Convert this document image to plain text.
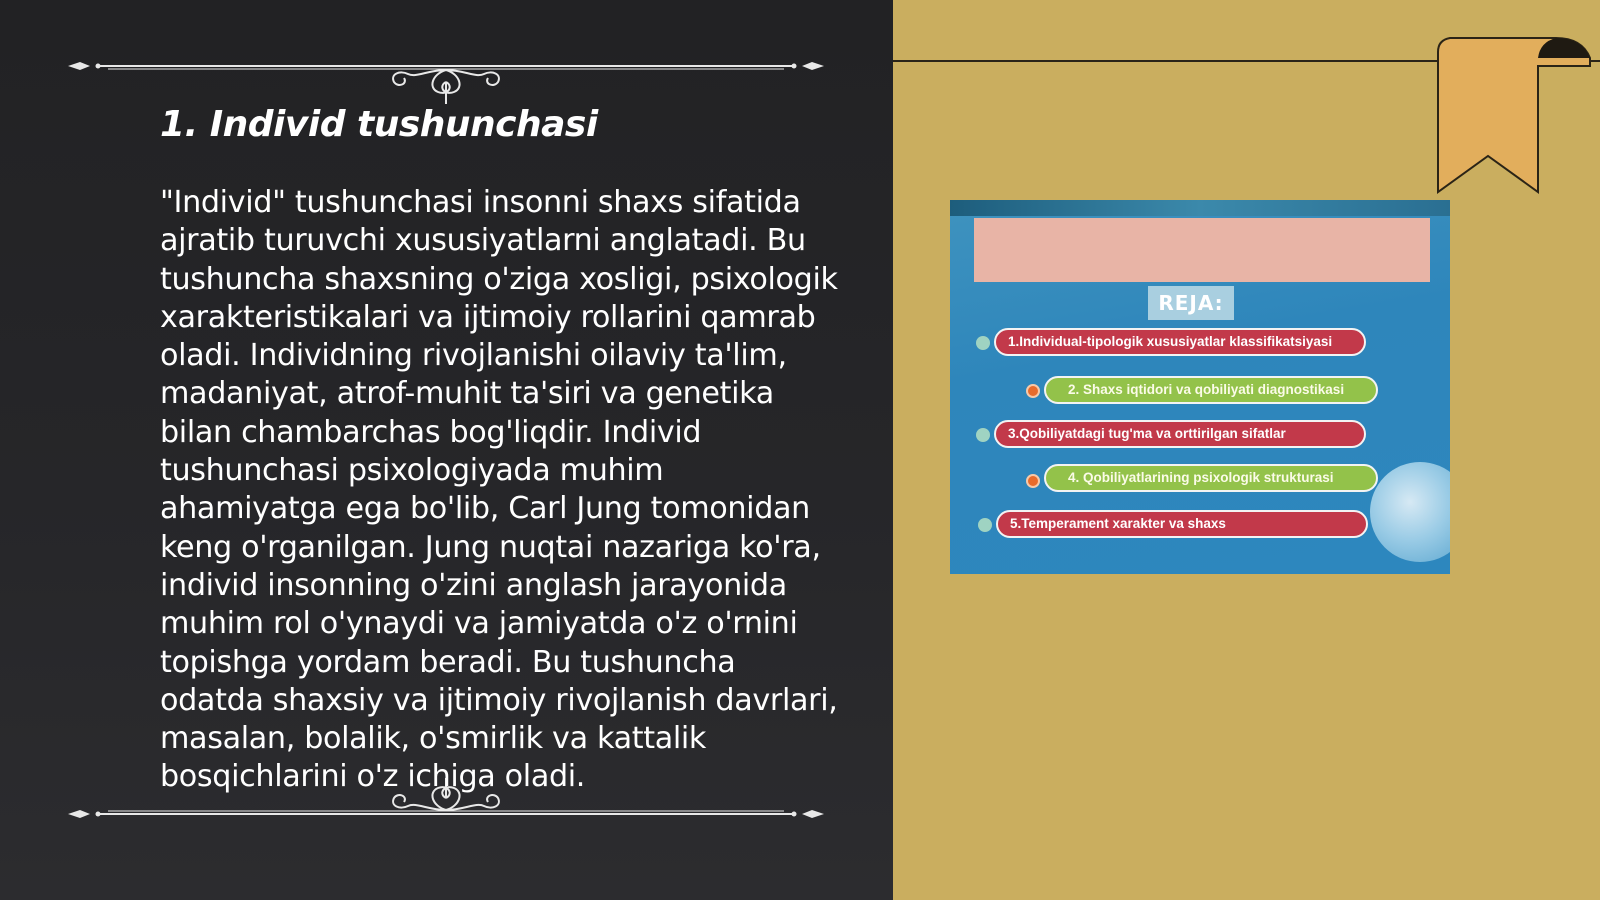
1. Individ tushunchasi
"Individ" tushunchasi insonni shaxs sifatida ajratib turuvchi xususiyatlarni anglatadi. Bu tushuncha shaxsning o'ziga xosligi, psixologik xarakteristikalari va ijtimoiy rollarini qamrab oladi. Individning rivojlanishi oilaviy ta'lim, madaniyat, atrof-muhit ta'siri va genetika bilan chambarchas bog'liqdir. Individ tushunchasi psixologiyada muhim ahamiyatga ega bo'lib, Carl Jung tomonidan keng o'rganilgan. Jung nuqtai nazariga ko'ra, individ insonning o'zini anglash jarayonida muhim rol o'ynaydi va jamiyatda o'z o'rnini topishga yordam beradi. Bu tushuncha odatda shaxsiy va ijtimoiy rivojlanish davrlari, masalan, bolalik, o'smirlik va kattalik bosqichlarini o'z ichiga oladi.
REJA:
1.Individual-tipologik xususiyatlar klassifikatsiyasi
2. Shaxs iqtidori va qobiliyati diagnostikasi
3.Qobiliyatdagi tug'ma va orttirilgan sifatlar
4. Qobiliyatlarining psixologik strukturasi
5.Temperament xarakter va shaxs
